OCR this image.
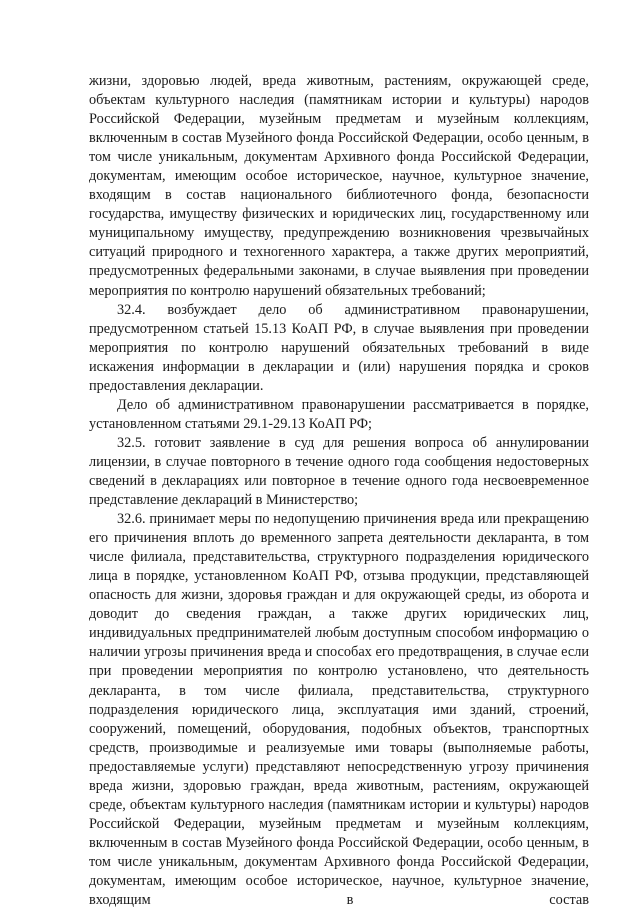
жизни, здоровью людей, вреда животным, растениям, окружающей среде, объектам культурного наследия (памятникам истории и культуры) народов Российской Федерации, музейным предметам и музейным коллекциям, включенным в состав Музейного фонда Российской Федерации, особо ценным, в том числе уникальным, документам Архивного фонда Российской Федерации, документам, имеющим особое историческое, научное, культурное значение, входящим в состав национального библиотечного фонда, безопасности государства, имуществу физических и юридических лиц, государственному или муниципальному имуществу, предупреждению возникновения чрезвычайных ситуаций природного и техногенного характера, а также других мероприятий, предусмотренных федеральными законами, в случае выявления при проведении мероприятия по контролю нарушений обязательных требований;

32.4. возбуждает дело об административном правонарушении, предусмотренном статьей 15.13 КоАП РФ, в случае выявления при проведении мероприятия по контролю нарушений обязательных требований в виде искажения информации в декларации и (или) нарушения порядка и сроков предоставления декларации.

Дело об административном правонарушении рассматривается в порядке, установленном статьями 29.1-29.13 КоАП РФ;

32.5. готовит заявление в суд для решения вопроса об аннулировании лицензии, в случае повторного в течение одного года сообщения недостоверных сведений в декларациях или повторное в течение одного года несвоевременное представление деклараций в Министерство;

32.6. принимает меры по недопущению причинения вреда или прекращению его причинения вплоть до временного запрета деятельности декларанта, в том числе филиала, представительства, структурного подразделения юридического лица в порядке, установленном КоАП РФ, отзыва продукции, представляющей опасность для жизни, здоровья граждан и для окружающей среды, из оборота и доводит до сведения граждан, а также других юридических лиц, индивидуальных предпринимателей любым доступным способом информацию о наличии угрозы причинения вреда и способах его предотвращения, в случае если при проведении мероприятия по контролю установлено, что деятельность декларанта, в том числе филиала, представительства, структурного подразделения юридического лица, эксплуатация ими зданий, строений, сооружений, помещений, оборудования, подобных объектов, транспортных средств, производимые и реализуемые ими товары (выполняемые работы, предоставляемые услуги) представляют непосредственную угрозу причинения вреда жизни, здоровью граждан, вреда животным, растениям, окружающей среде, объектам культурного наследия (памятникам истории и культуры) народов Российской Федерации, музейным предметам и музейным коллекциям, включенным в состав Музейного фонда Российской Федерации, особо ценным, в том числе уникальным, документам Архивного фонда Российской Федерации, документам, имеющим особое историческое, научное, культурное значение, входящим в состав
